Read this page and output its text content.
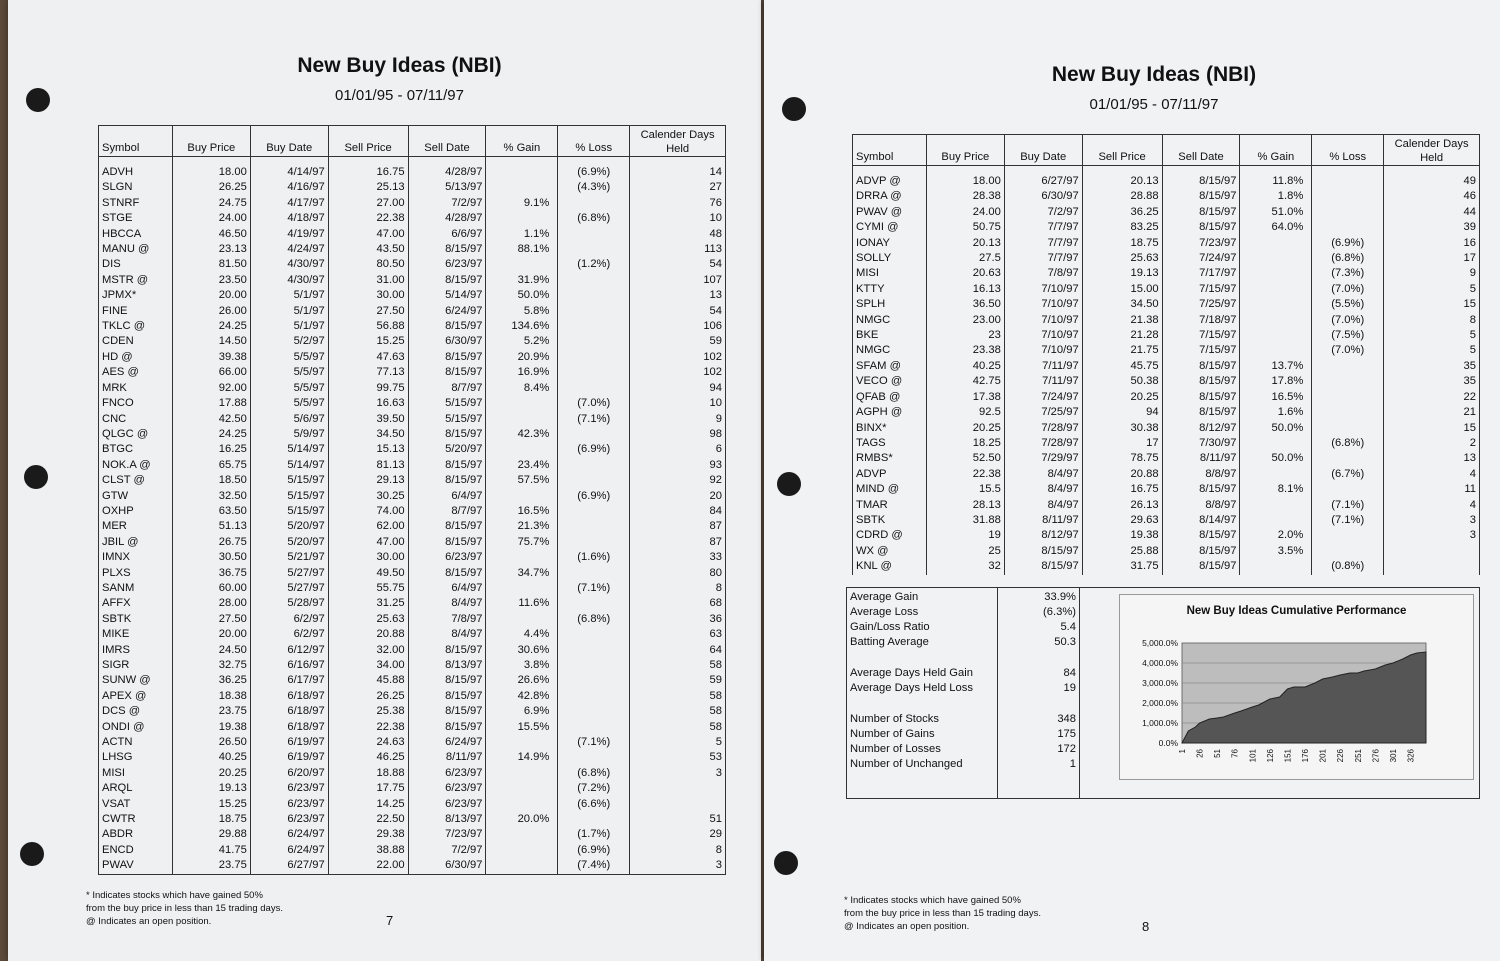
New Buy Ideas (NBI)
01/01/95 - 07/11/97
Symbol	Buy Price	Buy Date	Sell Price	Sell Date	% Gain	% Loss	Calender Days Held

ADVH	18.00	4/14/97	16.75	4/28/97		(6.9%)	14
SLGN	26.25	4/16/97	25.13	5/13/97		(4.3%)	27
STNRF	24.75	4/17/97	27.00	7/2/97	9.1%		76
STGE	24.00	4/18/97	22.38	4/28/97		(6.8%)	10
HBCCA	46.50	4/19/97	47.00	6/6/97	1.1%		48
MANU @	23.13	4/24/97	43.50	8/15/97	88.1%		113
DIS	81.50	4/30/97	80.50	6/23/97		(1.2%)	54
MSTR @	23.50	4/30/97	31.00	8/15/97	31.9%		107
JPMX*	20.00	5/1/97	30.00	5/14/97	50.0%		13
FINE	26.00	5/1/97	27.50	6/24/97	5.8%		54
TKLC @	24.25	5/1/97	56.88	8/15/97	134.6%		106
CDEN	14.50	5/2/97	15.25	6/30/97	5.2%		59
HD @	39.38	5/5/97	47.63	8/15/97	20.9%		102
AES @	66.00	5/5/97	77.13	8/15/97	16.9%		102
MRK	92.00	5/5/97	99.75	8/7/97	8.4%		94
FNCO	17.88	5/5/97	16.63	5/15/97		(7.0%)	10
CNC	42.50	5/6/97	39.50	5/15/97		(7.1%)	9
QLGC @	24.25	5/9/97	34.50	8/15/97	42.3%		98
BTGC	16.25	5/14/97	15.13	5/20/97		(6.9%)	6
NOK.A @	65.75	5/14/97	81.13	8/15/97	23.4%		93
CLST @	18.50	5/15/97	29.13	8/15/97	57.5%		92
GTW	32.50	5/15/97	30.25	6/4/97		(6.9%)	20
OXHP	63.50	5/15/97	74.00	8/7/97	16.5%		84
MER	51.13	5/20/97	62.00	8/15/97	21.3%		87
JBIL @	26.75	5/20/97	47.00	8/15/97	75.7%		87
IMNX	30.50	5/21/97	30.00	6/23/97		(1.6%)	33
PLXS	36.75	5/27/97	49.50	8/15/97	34.7%		80
SANM	60.00	5/27/97	55.75	6/4/97		(7.1%)	8
AFFX	28.00	5/28/97	31.25	8/4/97	11.6%		68
SBTK	27.50	6/2/97	25.63	7/8/97		(6.8%)	36
MIKE	20.00	6/2/97	20.88	8/4/97	4.4%		63
IMRS	24.50	6/12/97	32.00	8/15/97	30.6%		64
SIGR	32.75	6/16/97	34.00	8/13/97	3.8%		58
SUNW @	36.25	6/17/97	45.88	8/15/97	26.6%		59
APEX @	18.38	6/18/97	26.25	8/15/97	42.8%		58
DCS @	23.75	6/18/97	25.38	8/15/97	6.9%		58
ONDI @	19.38	6/18/97	22.38	8/15/97	15.5%		58
ACTN	26.50	6/19/97	24.63	6/24/97		(7.1%)	5
LHSG	40.25	6/19/97	46.25	8/11/97	14.9%		53
MISI	20.25	6/20/97	18.88	6/23/97		(6.8%)	3
ARQL	19.13	6/23/97	17.75	6/23/97		(7.2%)	
VSAT	15.25	6/23/97	14.25	6/23/97		(6.6%)	
CWTR	18.75	6/23/97	22.50	8/13/97	20.0%		51
ABDR	29.88	6/24/97	29.38	7/23/97		(1.7%)	29
ENCD	41.75	6/24/97	38.88	7/2/97		(6.9%)	8
PWAV	23.75	6/27/97	22.00	6/30/97		(7.4%)	3

* Indicates stocks which have gained 50%
from the buy price in less than 15 trading days.
@ Indicates an open position.	7
New Buy Ideas (NBI)
01/01/95 - 07/11/97
Symbol	Buy Price	Buy Date	Sell Price	Sell Date	% Gain	% Loss	Calender Days Held

ADVP @	18.00	6/27/97	20.13	8/15/97	11.8%		49
DRRA @	28.38	6/30/97	28.88	8/15/97	1.8%		46
PWAV @	24.00	7/2/97	36.25	8/15/97	51.0%		44
CYMI @	50.75	7/7/97	83.25	8/15/97	64.0%		39
IONAY	20.13	7/7/97	18.75	7/23/97		(6.9%)	16
SOLLY	27.5	7/7/97	25.63	7/24/97		(6.8%)	17
MISI	20.63	7/8/97	19.13	7/17/97		(7.3%)	9
KTTY	16.13	7/10/97	15.00	7/15/97		(7.0%)	5
SPLH	36.50	7/10/97	34.50	7/25/97		(5.5%)	15
NMGC	23.00	7/10/97	21.38	7/18/97		(7.0%)	8
BKE	23	7/10/97	21.28	7/15/97		(7.5%)	5
NMGC	23.38	7/10/97	21.75	7/15/97		(7.0%)	5
SFAM @	40.25	7/11/97	45.75	8/15/97	13.7%		35
VECO @	42.75	7/11/97	50.38	8/15/97	17.8%		35
QFAB @	17.38	7/24/97	20.25	8/15/97	16.5%		22
AGPH @	92.5	7/25/97	94	8/15/97	1.6%		21
BINX*	20.25	7/28/97	30.38	8/12/97	50.0%		15
TAGS	18.25	7/28/97	17	7/30/97		(6.8%)	2
RMBS*	52.50	7/29/97	78.75	8/11/97	50.0%		13
ADVP	22.38	8/4/97	20.88	8/8/97		(6.7%)	4
MIND @	15.5	8/4/97	16.75	8/15/97	8.1%		11
TMAR	28.13	8/4/97	26.13	8/8/97		(7.1%)	4
SBTK	31.88	8/11/97	29.63	8/14/97		(7.1%)	3
CDRD @	19	8/12/97	19.38	8/15/97	2.0%		3
WX @	25	8/15/97	25.88	8/15/97	3.5%		
KNL @	32	8/15/97	31.75	8/15/97		(0.8%)	
Average Gain	33.9%
Average Loss	(6.3%)
Gain/Loss Ratio	5.4
Batting Average	50.3
Average Days Held Gain	84
Average Days Held Loss	19
Number of Stocks	348
Number of Gains	175
Number of Losses	172
Number of Unchanged	1
New Buy Ideas Cumulative Performance
5,000.0%
4,000.0%
3,000.0%
2,000.0%
1,000.0%
0.0%
1 26 51 76 101 126 151 176 201 226 251 276 301 326
* Indicates stocks which have gained 50%
from the buy price in less than 15 trading days.
@ Indicates an open position.	8
